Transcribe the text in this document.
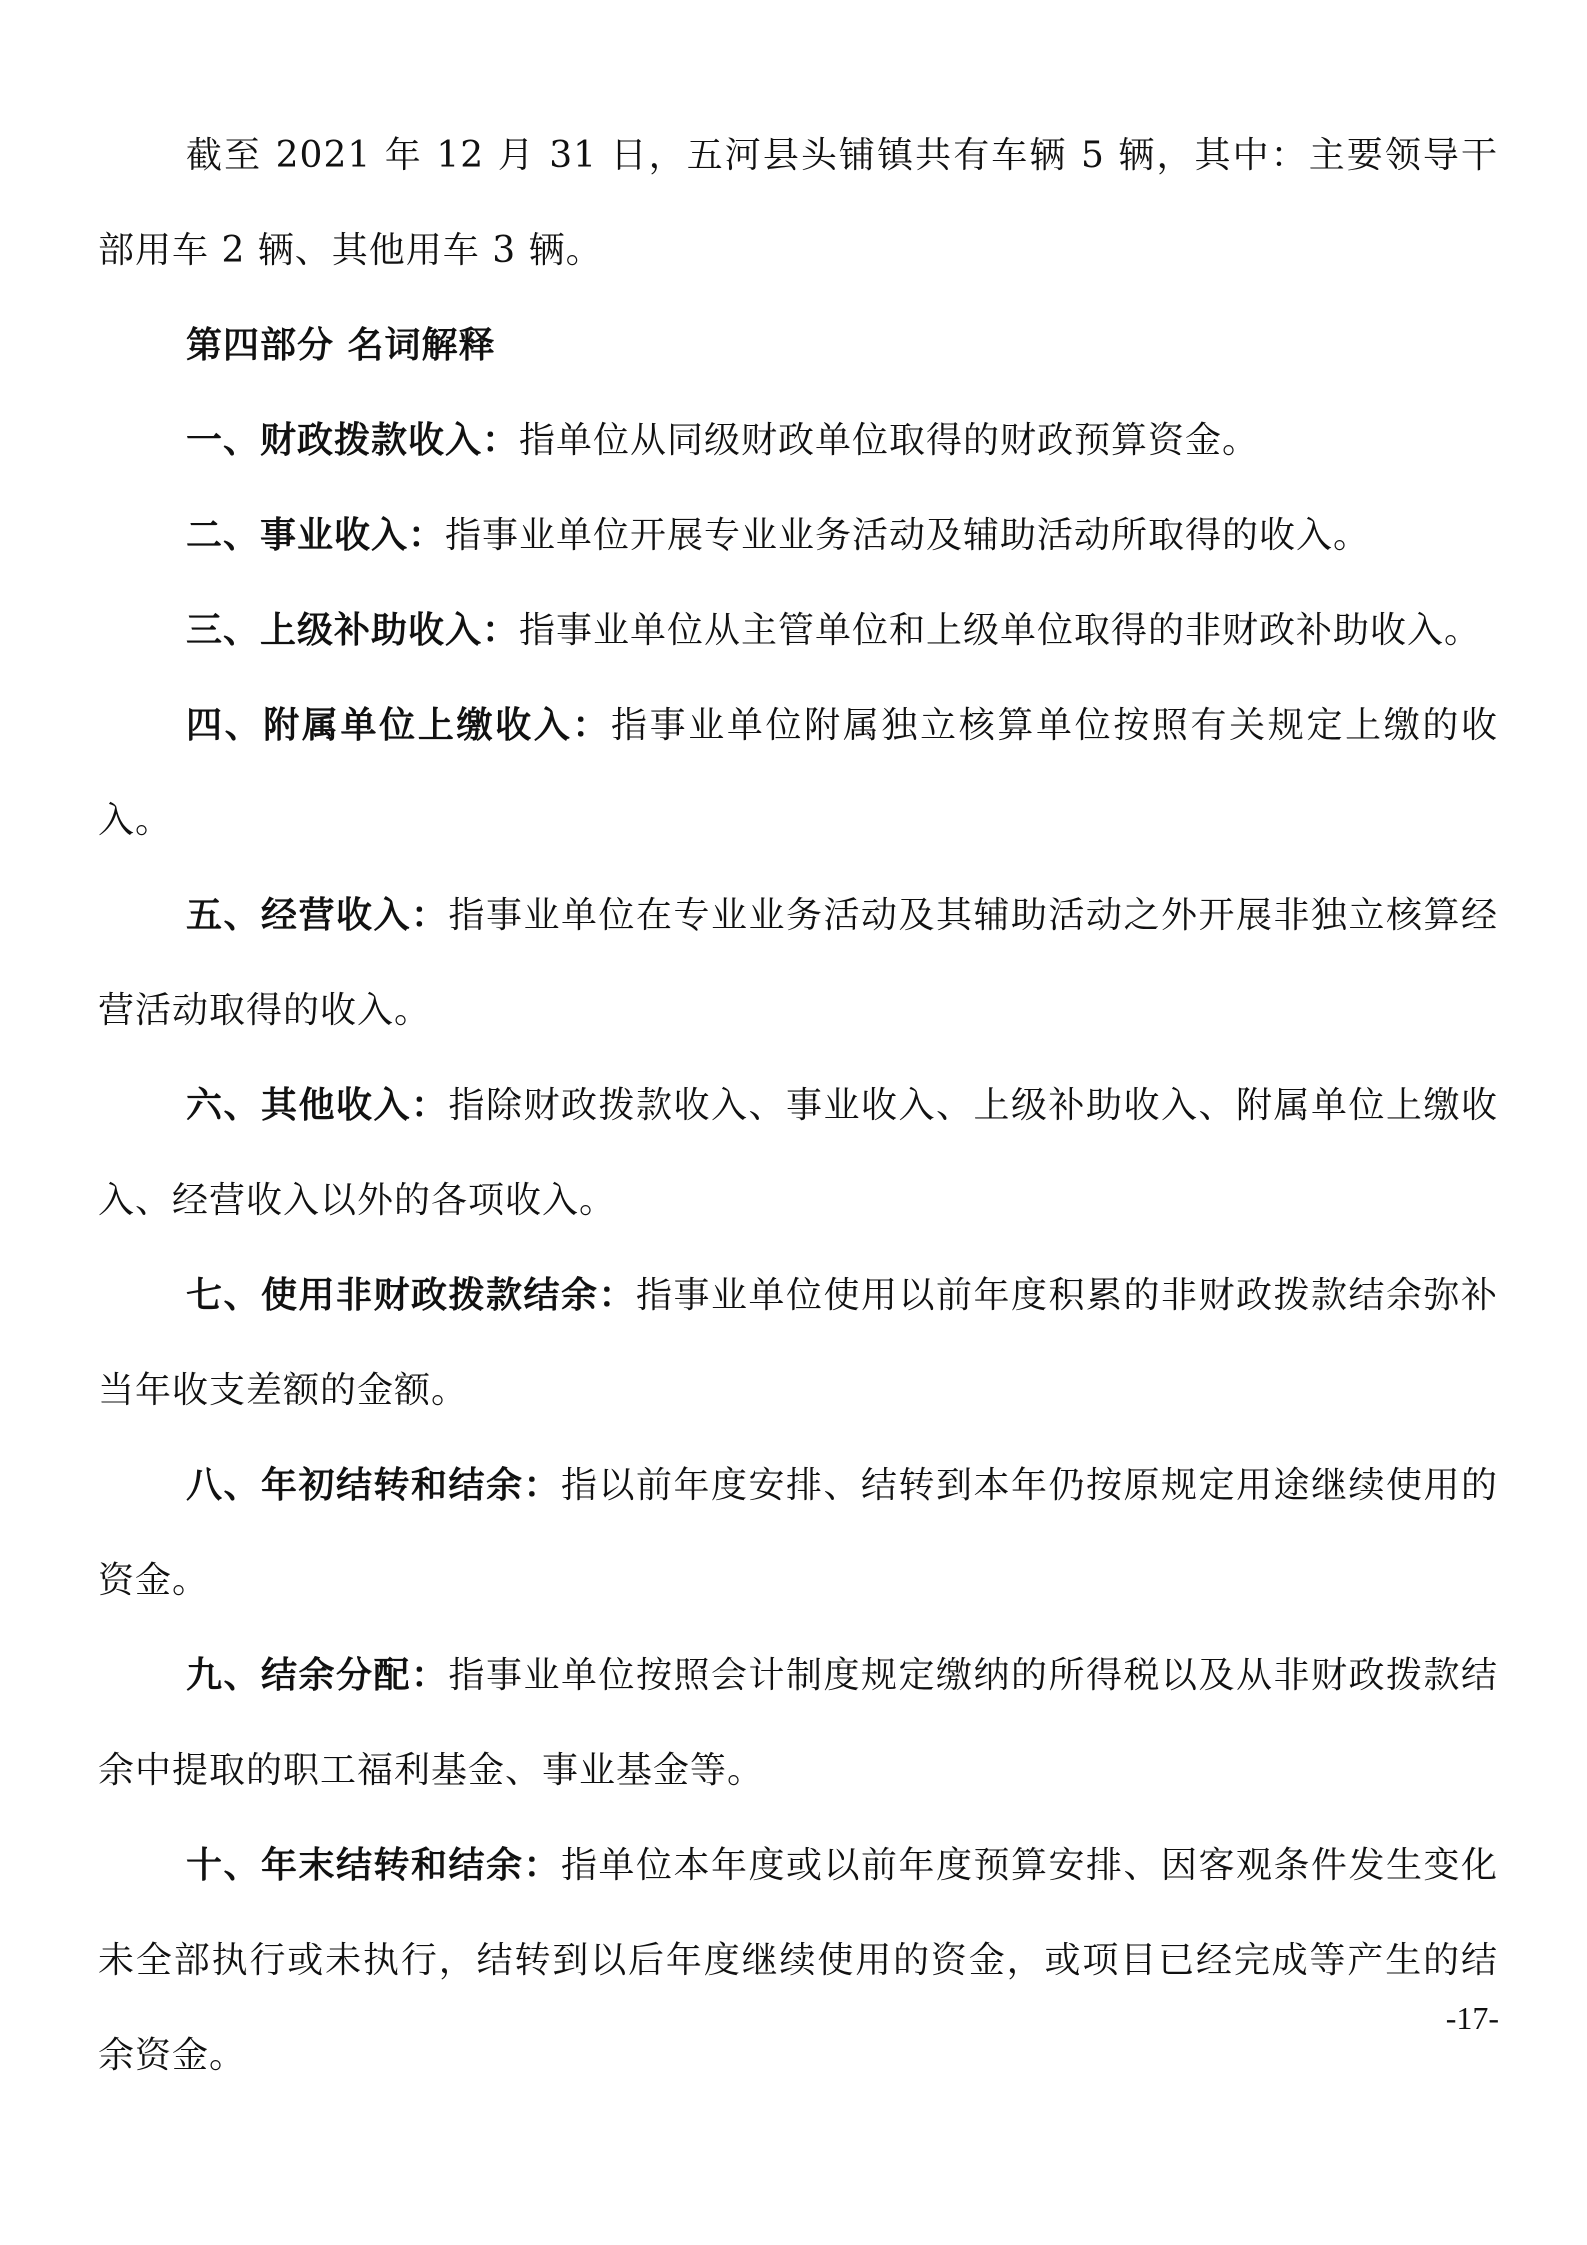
截至 2021 年 12 月 31 日，五河县头铺镇共有车辆 5 辆，其中：主要领导干部用车 2 辆、其他用车 3 辆。

第四部分 名词解释

一、财政拨款收入：指单位从同级财政单位取得的财政预算资金。

二、事业收入：指事业单位开展专业业务活动及辅助活动所取得的收入。

三、上级补助收入：指事业单位从主管单位和上级单位取得的非财政补助收入。

四、附属单位上缴收入：指事业单位附属独立核算单位按照有关规定上缴的收入。

五、经营收入：指事业单位在专业业务活动及其辅助活动之外开展非独立核算经营活动取得的收入。

六、其他收入：指除财政拨款收入、事业收入、上级补助收入、附属单位上缴收入、经营收入以外的各项收入。

七、使用非财政拨款结余：指事业单位使用以前年度积累的非财政拨款结余弥补当年收支差额的金额。

八、年初结转和结余：指以前年度安排、结转到本年仍按原规定用途继续使用的资金。

九、结余分配：指事业单位按照会计制度规定缴纳的所得税以及从非财政拨款结余中提取的职工福利基金、事业基金等。

十、年末结转和结余：指单位本年度或以前年度预算安排、因客观条件发生变化未全部执行或未执行，结转到以后年度继续使用的资金，或项目已经完成等产生的结余资金。

-17-
